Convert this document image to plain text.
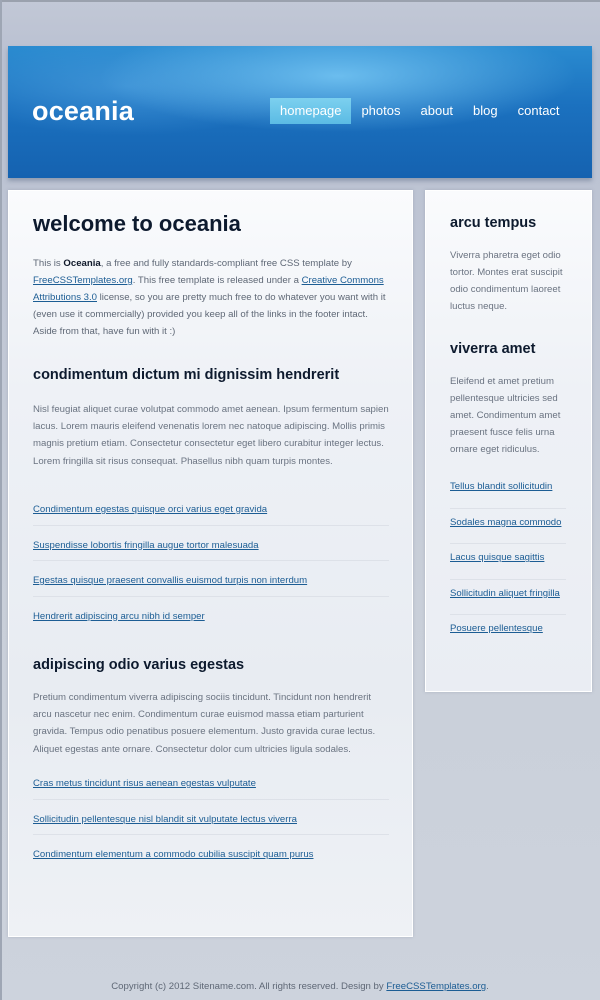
oceania	homepage	photos	about	blog	contact
welcome to oceania

This is Oceania, a free and fully standards-compliant free CSS template by FreeCSSTemplates.org. This free template is released under a Creative Commons Attributions 3.0 license, so you are pretty much free to do whatever you want with it (even use it commercially) provided you keep all of the links in the footer intact. Aside from that, have fun with it :)

condimentum dictum mi dignissim hendrerit

Nisl feugiat aliquet curae volutpat commodo amet aenean. Ipsum fermentum sapien lacus. Lorem mauris eleifend venenatis lorem nec natoque adipiscing. Mollis primis magnis pretium etiam. Consectetur consectetur eget libero curabitur integer lectus. Lorem fringilla sit risus consequat. Phasellus nibh quam turpis montes.

Condimentum egestas quisque orci varius eget gravida
Suspendisse lobortis fringilla augue tortor malesuada
Egestas quisque praesent convallis euismod turpis non interdum
Hendrerit adipiscing arcu nibh id semper
adipiscing odio varius egestas

Pretium condimentum viverra adipiscing sociis tincidunt. Tincidunt non hendrerit arcu nascetur nec enim. Condimentum curae euismod massa etiam parturient gravida. Tempus odio penatibus posuere elementum. Justo gravida curae lectus. Aliquet egestas ante ornare. Consectetur dolor cum ultricies ligula sodales.

Cras metus tincidunt risus aenean egestas vulputate
Sollicitudin pellentesque nisl blandit sit vulputate lectus viverra
Condimentum elementum a commodo cubilia suscipit quam purus
arcu tempus

Viverra pharetra eget odio tortor. Montes erat suscipit odio condimentum laoreet luctus neque.

viverra amet

Eleifend et amet pretium pellentesque ultricies sed amet. Condimentum amet praesent fusce felis urna ornare eget ridiculus.

Tellus blandit sollicitudin
Sodales magna commodo
Lacus quisque sagittis
Sollicitudin aliquet fringilla
Posuere pellentesque
Copyright (c) 2012 Sitename.com. All rights reserved. Design by FreeCSSTemplates.org.
